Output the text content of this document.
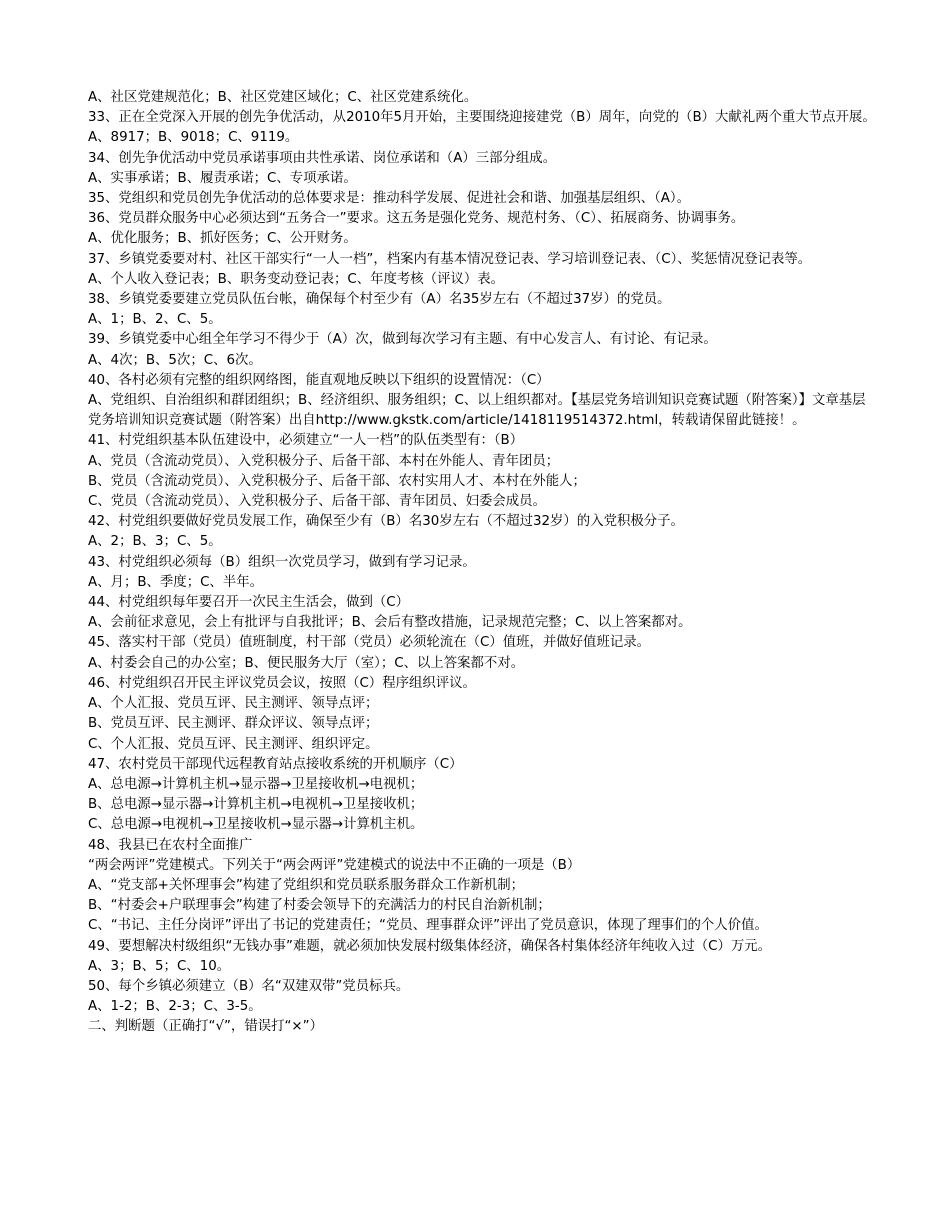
A、社区党建规范化；B、社区党建区域化；C、社区党建系统化。

33、正在全党深入开展的创先争优活动，从2010年5月开始，主要围绕迎接建党（B）周年，向党的（B）大献礼两个重大节点开展。

A、8917；B、9018；C、9119。

34、创先争优活动中党员承诺事项由共性承诺、岗位承诺和（A）三部分组成。

A、实事承诺；B、履责承诺；C、专项承诺。

35、党组织和党员创先争优活动的总体要求是：推动科学发展、促进社会和谐、加强基层组织、（A）。

36、党员群众服务中心必须达到“五务合一”要求。这五务是强化党务、规范村务、（C）、拓展商务、协调事务。

A、优化服务；B、抓好医务；C、公开财务。

37、乡镇党委要对村、社区干部实行“一人一档”，档案内有基本情况登记表、学习培训登记表、（C）、奖惩情况登记表等。

A、个人收入登记表；B、职务变动登记表；C、年度考核（评议）表。

38、乡镇党委要建立党员队伍台帐，确保每个村至少有（A）名35岁左右（不超过37岁）的党员。

A、1；B、2、C、5。

39、乡镇党委中心组全年学习不得少于（A）次，做到每次学习有主题、有中心发言人、有讨论、有记录。

A、4次；B、5次；C、6次。

40、各村必须有完整的组织网络图，能直观地反映以下组织的设置情况：（C）

A、党组织、自治组织和群团组织；B、经济组织、服务组织；C、以上组织都对。【基层党务培训知识竞赛试题（附答案）】文章基层党务培训知识竞赛试题（附答案）出自http://www.gkstk.com/article/1418119514372.html，转载请保留此链接！。

41、村党组织基本队伍建设中，必须建立“一人一档”的队伍类型有：（B）

A、党员（含流动党员）、入党积极分子、后备干部、本村在外能人、青年团员；

B、党员（含流动党员）、入党积极分子、后备干部、农村实用人才、本村在外能人；

C、党员（含流动党员）、入党积极分子、后备干部、青年团员、妇委会成员。

42、村党组织要做好党员发展工作，确保至少有（B）名30岁左右（不超过32岁）的入党积极分子。

A、2；B、3；C、5。

43、村党组织必须每（B）组织一次党员学习，做到有学习记录。

A、月；B、季度；C、半年。

44、村党组织每年要召开一次民主生活会，做到（C）

A、会前征求意见，会上有批评与自我批评；B、会后有整改措施，记录规范完整；C、以上答案都对。

45、落实村干部（党员）值班制度，村干部（党员）必须轮流在（C）值班，并做好值班记录。

A、村委会自己的办公室；B、便民服务大厅（室）；C、以上答案都不对。

46、村党组织召开民主评议党员会议，按照（C）程序组织评议。

A、个人汇报、党员互评、民主测评、领导点评；

B、党员互评、民主测评、群众评议、领导点评；

C、个人汇报、党员互评、民主测评、组织评定。

47、农村党员干部现代远程教育站点接收系统的开机顺序（C）

A、总电源→计算机主机→显示器→卫星接收机→电视机；

B、总电源→显示器→计算机主机→电视机→卫星接收机；

C、总电源→电视机→卫星接收机→显示器→计算机主机。

48、我县已在农村全面推广

“两会两评”党建模式。下列关于“两会两评”党建模式的说法中不正确的一项是（B）

A、“党支部+关怀理事会”构建了党组织和党员联系服务群众工作新机制；

B、“村委会+户联理事会”构建了村委会领导下的充满活力的村民自治新机制；

C、“书记、主任分岗评”评出了书记的党建责任；“党员、理事群众评”评出了党员意识，体现了理事们的个人价值。

49、要想解决村级组织“无钱办事”难题，就必须加快发展村级集体经济，确保各村集体经济年纯收入过（C）万元。

A、3；B、5；C、10。

50、每个乡镇必须建立（B）名“双建双带”党员标兵。

A、1-2；B、2-3；C、3-5。

二、判断题（正确打“√”，错误打“×”）
